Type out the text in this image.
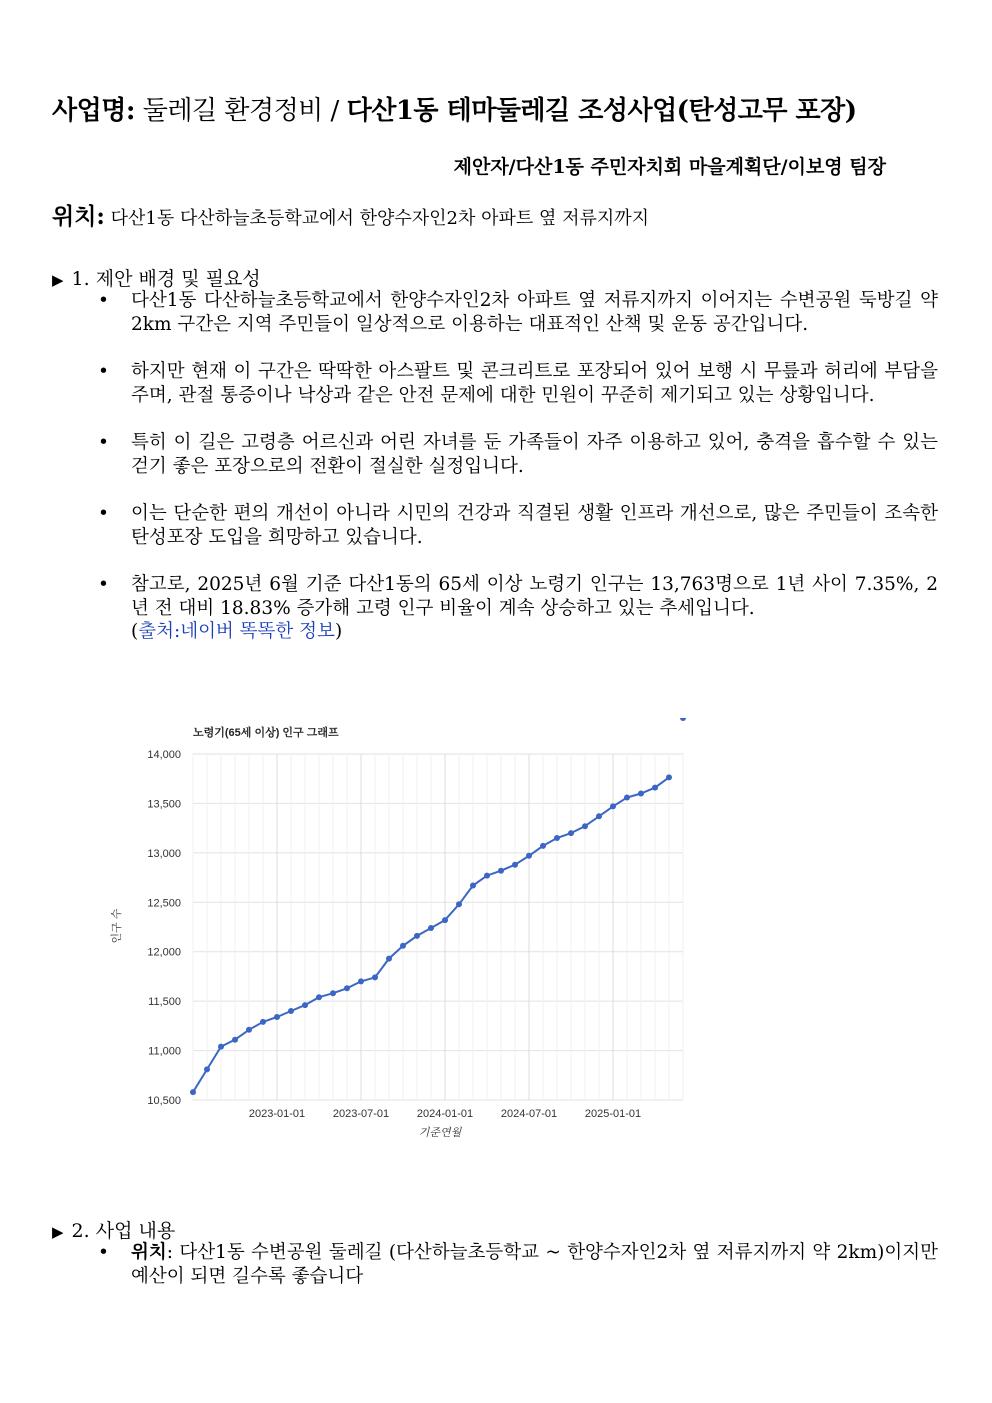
사업명: 둘레길 환경정비 / 다산1동 테마둘레길 조성사업(탄성고무 포장)
제안자/다산1동 주민자치회 마을계획단/이보영 팀장
위치: 다산1동 다산하늘초등학교에서 한양수자인2차 아파트 옆 저류지까지
▶ 1. 제안 배경 및 필요성
• 다산1동 다산하늘초등학교에서 한양수자인2차 아파트 옆 저류지까지 이어지는 수변공원 둑방길 약 2km 구간은 지역 주민들이 일상적으로 이용하는 대표적인 산책 및 운동 공간입니다.
• 하지만 현재 이 구간은 딱딱한 아스팔트 및 콘크리트로 포장되어 있어 보행 시 무릎과 허리에 부담을 주며, 관절 통증이나 낙상과 같은 안전 문제에 대한 민원이 꾸준히 제기되고 있는 상황입니다.
• 특히 이 길은 고령층 어르신과 어린 자녀를 둔 가족들이 자주 이용하고 있어, 충격을 흡수할 수 있는 걷기 좋은 포장으로의 전환이 절실한 실정입니다.
• 이는 단순한 편의 개선이 아니라 시민의 건강과 직결된 생활 인프라 개선으로, 많은 주민들이 조속한 탄성포장 도입을 희망하고 있습니다.
• 참고로, 2025년 6월 기준 다산1동의 65세 이상 노령기 인구는 13,763명으로 1년 사이 7.35%, 2년 전 대비 18.83% 증가해 고령 인구 비율이 계속 상승하고 있는 추세입니다.
(출처:네이버 똑똑한 정보)
노령기(65세 이상) 인구 그래프
10,500
11,000
11,500
12,000
12,500
13,000
13,500
14,000
2023-01-01	2023-07-01	2024-01-01	2024-07-01	2025-01-01
기준연월
인구 수
▶ 2. 사업 내용
• 위치: 다산1동 수변공원 둘레길 (다산하늘초등학교 ~ 한양수자인2차 옆 저류지까지 약 2km)이지만 예산이 되면 길수록 좋습니다
